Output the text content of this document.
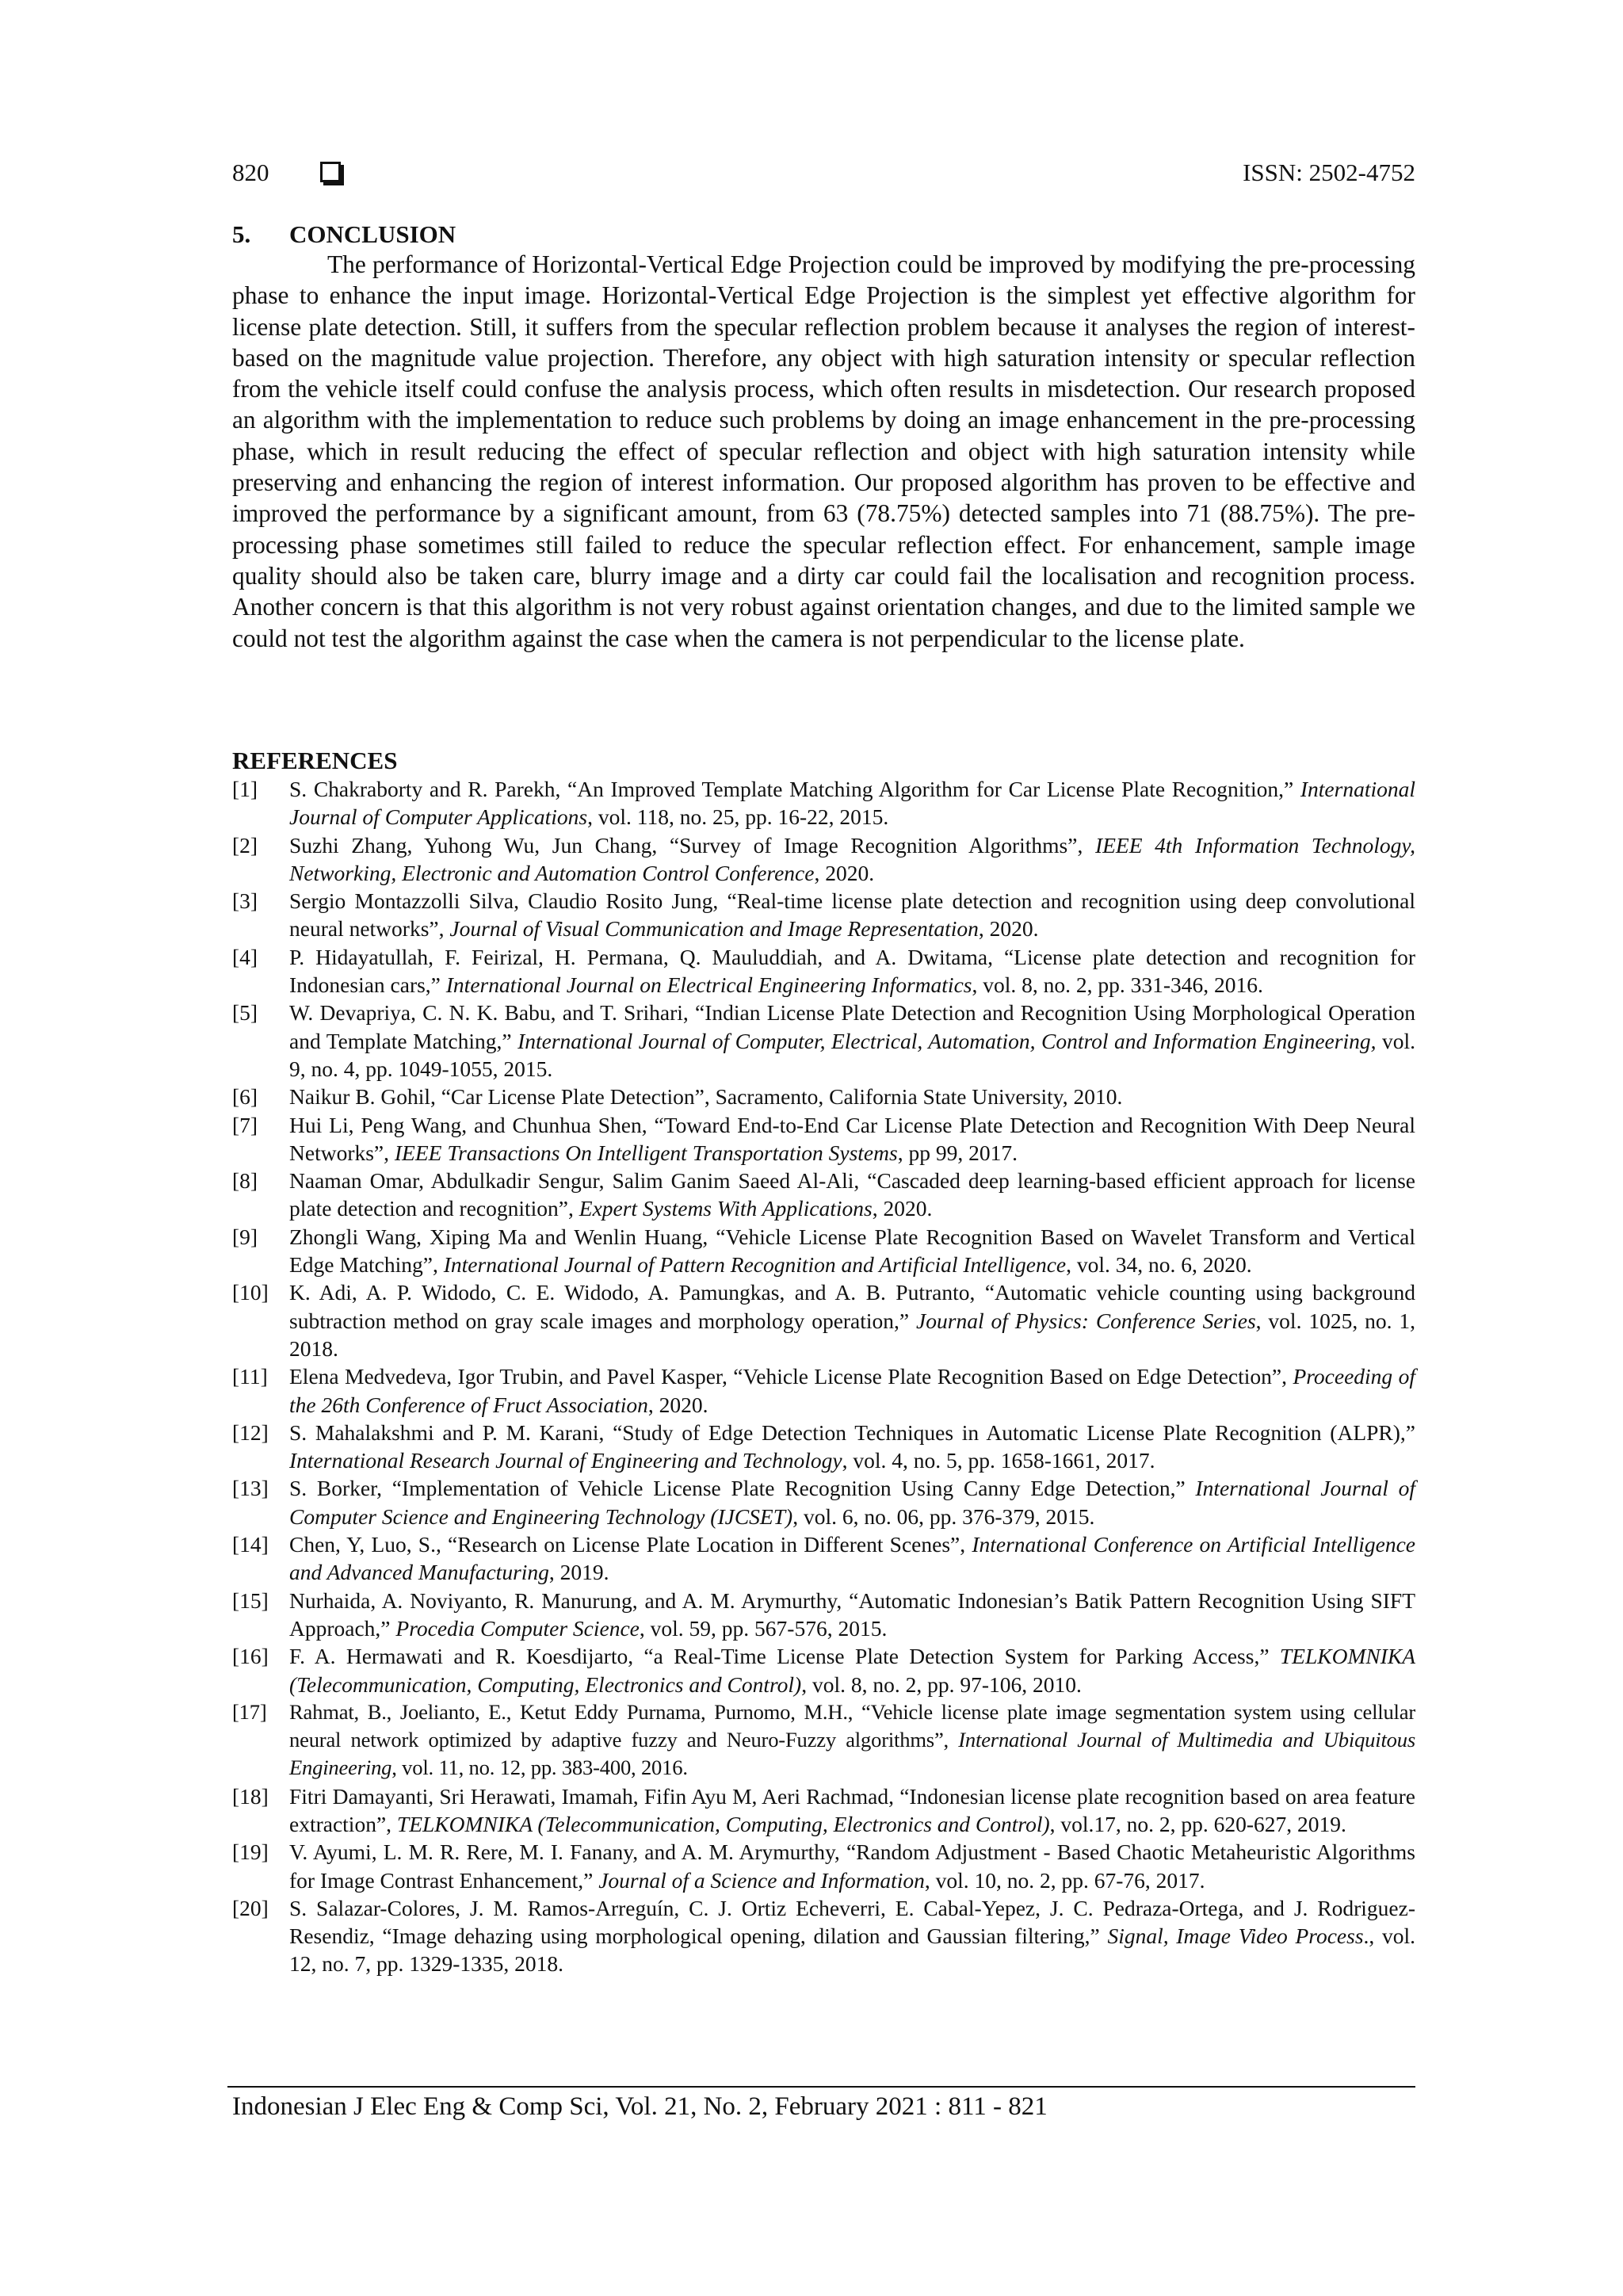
820	ISSN: 2502-4752
5. CONCLUSION

The performance of Horizontal-Vertical Edge Projection could be improved by modifying the pre-processing phase to enhance the input image. Horizontal-Vertical Edge Projection is the simplest yet effective algorithm for license plate detection. Still, it suffers from the specular reflection problem because it analyses the region of interest-based on the magnitude value projection. Therefore, any object with high saturation intensity or specular reflection from the vehicle itself could confuse the analysis process, which often results in misdetection. Our research proposed an algorithm with the implementation to reduce such problems by doing an image enhancement in the pre-processing phase, which in result reducing the effect of specular reflection and object with high saturation intensity while preserving and enhancing the region of interest information. Our proposed algorithm has proven to be effective and improved the performance by a significant amount, from 63 (78.75%) detected samples into 71 (88.75%). The pre-processing phase sometimes still failed to reduce the specular reflection effect. For enhancement, sample image quality should also be taken care, blurry image and a dirty car could fail the localisation and recognition process. Another concern is that this algorithm is not very robust against orientation changes, and due to the limited sample we could not test the algorithm against the case when the camera is not perpendicular to the license plate.

REFERENCES
[1] S. Chakraborty and R. Parekh, “An Improved Template Matching Algorithm for Car License Plate Recognition,” International Journal of Computer Applications, vol. 118, no. 25, pp. 16-22, 2015.
[2] Suzhi Zhang, Yuhong Wu, Jun Chang, “Survey of Image Recognition Algorithms”, IEEE 4th Information Technology, Networking, Electronic and Automation Control Conference, 2020.
[3] Sergio Montazzolli Silva, Claudio Rosito Jung, “Real-time license plate detection and recognition using deep convolutional neural networks”, Journal of Visual Communication and Image Representation, 2020.
[4] P. Hidayatullah, F. Feirizal, H. Permana, Q. Mauluddiah, and A. Dwitama, “License plate detection and recognition for Indonesian cars,” International Journal on Electrical Engineering Informatics, vol. 8, no. 2, pp. 331-346, 2016.
[5] W. Devapriya, C. N. K. Babu, and T. Srihari, “Indian License Plate Detection and Recognition Using Morphological Operation and Template Matching,” International Journal of Computer, Electrical, Automation, Control and Information Engineering, vol. 9, no. 4, pp. 1049-1055, 2015.
[6] Naikur B. Gohil, “Car License Plate Detection”, Sacramento, California State University, 2010.
[7] Hui Li, Peng Wang, and Chunhua Shen, “Toward End-to-End Car License Plate Detection and Recognition With Deep Neural Networks”, IEEE Transactions On Intelligent Transportation Systems, pp 99, 2017.
[8] Naaman Omar, Abdulkadir Sengur, Salim Ganim Saeed Al-Ali, “Cascaded deep learning-based efficient approach for license plate detection and recognition”, Expert Systems With Applications, 2020.
[9] Zhongli Wang, Xiping Ma and Wenlin Huang, “Vehicle License Plate Recognition Based on Wavelet Transform and Vertical Edge Matching”, International Journal of Pattern Recognition and Artificial Intelligence, vol. 34, no. 6, 2020.
[10] K. Adi, A. P. Widodo, C. E. Widodo, A. Pamungkas, and A. B. Putranto, “Automatic vehicle counting using background subtraction method on gray scale images and morphology operation,” Journal of Physics: Conference Series, vol. 1025, no. 1, 2018.
[11] Elena Medvedeva, Igor Trubin, and Pavel Kasper, “Vehicle License Plate Recognition Based on Edge Detection”, Proceeding of the 26th Conference of Fruct Association, 2020.
[12] S. Mahalakshmi and P. M. Karani, “Study of Edge Detection Techniques in Automatic License Plate Recognition (ALPR),” International Research Journal of Engineering and Technology, vol. 4, no. 5, pp. 1658-1661, 2017.
[13] S. Borker, “Implementation of Vehicle License Plate Recognition Using Canny Edge Detection,” International Journal of Computer Science and Engineering Technology (IJCSET), vol. 6, no. 06, pp. 376-379, 2015.
[14] Chen, Y, Luo, S., “Research on License Plate Location in Different Scenes”, International Conference on Artificial Intelligence and Advanced Manufacturing, 2019.
[15] Nurhaida, A. Noviyanto, R. Manurung, and A. M. Arymurthy, “Automatic Indonesian’s Batik Pattern Recognition Using SIFT Approach,” Procedia Computer Science, vol. 59, pp. 567-576, 2015.
[16] F. A. Hermawati and R. Koesdijarto, “a Real-Time License Plate Detection System for Parking Access,” TELKOMNIKA (Telecommunication, Computing, Electronics and Control), vol. 8, no. 2, pp. 97-106, 2010.
[17] Rahmat, B., Joelianto, E., Ketut Eddy Purnama, Purnomo, M.H., “Vehicle license plate image segmentation system using cellular neural network optimized by adaptive fuzzy and Neuro-Fuzzy algorithms”, International Journal of Multimedia and Ubiquitous Engineering, vol. 11, no. 12, pp. 383-400, 2016.
[18] Fitri Damayanti, Sri Herawati, Imamah, Fifin Ayu M, Aeri Rachmad, “Indonesian license plate recognition based on area feature extraction”, TELKOMNIKA (Telecommunication, Computing, Electronics and Control), vol.17, no. 2, pp. 620-627, 2019.
[19] V. Ayumi, L. M. R. Rere, M. I. Fanany, and A. M. Arymurthy, “Random Adjustment - Based Chaotic Metaheuristic Algorithms for Image Contrast Enhancement,” Journal of a Science and Information, vol. 10, no. 2, pp. 67-76, 2017.
[20] S. Salazar-Colores, J. M. Ramos-Arreguín, C. J. Ortiz Echeverri, E. Cabal-Yepez, J. C. Pedraza-Ortega, and J. Rodriguez-Resendiz, “Image dehazing using morphological opening, dilation and Gaussian filtering,” Signal, Image Video Process., vol. 12, no. 7, pp. 1329-1335, 2018.
Indonesian J Elec Eng & Comp Sci, Vol. 21, No. 2, February 2021 : 811 - 821
